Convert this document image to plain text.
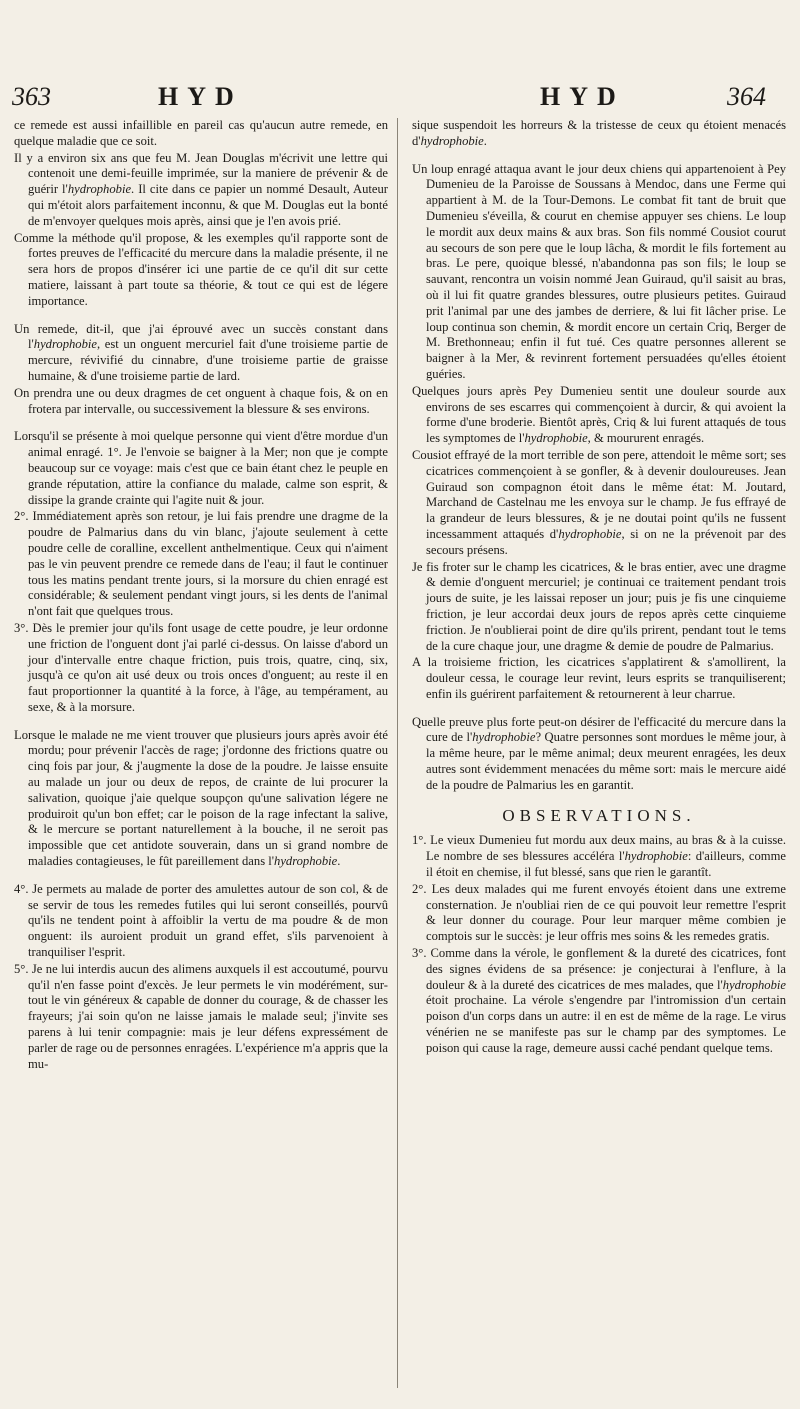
363	HYD	HYD	364

ce remede est aussi infaillible en pareil cas qu'aucun autre remede, en quelque maladie que ce soit.

Il y a environ six ans que feu M. Jean Douglas m'écrivit une lettre qui contenoit une demi-feuille imprimée, sur la maniere de prévenir & de guérir l'hydrophobie. Il cite dans ce papier un nommé Desault, Auteur qui m'étoit alors parfaitement inconnu, & que M. Douglas eut la bonté de m'envoyer quelques mois après, ainsi que je l'en avois prié.

Comme la méthode qu'il propose, & les exemples qu'il rapporte sont de fortes preuves de l'efficacité du mercure dans la maladie présente, il ne sera hors de propos d'insérer ici une partie de ce qu'il dit sur cette matiere, laissant à part toute sa théorie, & tout ce qui est de légere importance.

Un remede, dit-il, que j'ai éprouvé avec un succès constant dans l'hydrophobie, est un onguent mercuriel fait d'une troisieme partie de mercure, révivifié du cinnabre, d'une troisieme partie de graisse humaine, & d'une troisieme partie de lard.

On prendra une ou deux dragmes de cet onguent à chaque fois, & on en frotera par intervalle, ou successivement la blessure & ses environs.

Lorsqu'il se présente à moi quelque personne qui vient d'être mordue d'un animal enragé. 1°. Je l'envoie se baigner à la Mer; non que je compte beaucoup sur ce voyage: mais c'est que ce bain étant chez le peuple en grande réputation, attire la confiance du malade, calme son esprit, & dissipe la grande crainte qui l'agite nuit & jour.

2°. Immédiatement après son retour, je lui fais prendre une dragme de la poudre de Palmarius dans du vin blanc, j'ajoute seulement à cette poudre celle de coralline, excellent anthelmentique. Ceux qui n'aiment pas le vin peuvent prendre ce remede dans de l'eau; il faut le continuer tous les matins pendant trente jours, si la morsure du chien enragé est considérable; & seulement pendant vingt jours, si les dents de l'animal n'ont fait que quelques trous.

3°. Dès le premier jour qu'ils font usage de cette poudre, je leur ordonne une friction de l'onguent dont j'ai parlé ci-dessus. On laisse d'abord un jour d'intervalle entre chaque friction, puis trois, quatre, cinq, six, jusqu'à ce qu'on ait usé deux ou trois onces d'onguent; au reste il en faut proportionner la quantité à la force, à l'âge, au tempérament, au sexe, & à la morsure.

Lorsque le malade ne me vient trouver que plusieurs jours après avoir été mordu; pour prévenir l'accès de rage; j'ordonne des frictions quatre ou cinq fois par jour, & j'augmente la dose de la poudre. Je laisse ensuite au malade un jour ou deux de repos, de crainte de lui procurer la salivation, quoique j'aie quelque soupçon qu'une salivation légere ne produiroit qu'un bon effet; car le poison de la rage infectant la salive, & le mercure se portant naturellement à la bouche, il ne seroit pas impossible que cet antidote souverain, dans un si grand nombre de maladies contagieuses, le fût pareillement dans l'hydrophobie.

4°. Je permets au malade de porter des amulettes autour de son col, & de se servir de tous les remedes futiles qui lui seront conseillés, pourvû qu'ils ne tendent point à affoiblir la vertu de ma poudre & de mon onguent: ils auroient produit un grand effet, s'ils parvenoient à tranquiliser l'esprit.

5°. Je ne lui interdis aucun des alimens auxquels il est accoutumé, pourvu qu'il n'en fasse point d'excès. Je leur permets le vin modérément, sur-tout le vin généreux & capable de donner du courage, & de chasser les frayeurs; j'ai soin qu'on ne laisse jamais le malade seul; j'invite ses parens à lui tenir compagnie: mais je leur défens expressément de parler de rage ou de personnes enragées. L'expérience m'a appris que la mu-

sique suspendoit les horreurs & la tristesse de ceux qu étoient menacés d'hydrophobie.

Un loup enragé attaqua avant le jour deux chiens qui appartenoient à Pey Dumenieu de la Paroisse de Soussans à Mendoc, dans une Ferme qui appartient à M. de la Tour-Demons. Le combat fit tant de bruit que Dumenieu s'éveilla, & courut en chemise appuyer ses chiens. Le loup le mordit aux deux mains & aux bras. Son fils nommé Cousiot courut au secours de son pere que le loup lâcha, & mordit le fils fortement au bras. Le pere, quoique blessé, n'abandonna pas son fils; le loup se sauvant, rencontra un voisin nommé Jean Guiraud, qu'il saisit au bras, où il lui fit quatre grandes blessures, outre plusieurs petites. Guiraud prit l'animal par une des jambes de derriere, & lui fit lâcher prise. Le loup continua son chemin, & mordit encore un certain Criq, Berger de M. Brethonneau; enfin il fut tué. Ces quatre personnes allerent se baigner à la Mer, & revinrent fortement persuadées qu'elles étoient guéries.

Quelques jours après Pey Dumenieu sentit une douleur sourde aux environs de ses escarres qui commençoient à durcir, & qui avoient la forme d'une broderie. Bientôt après, Criq & lui furent attaqués de tous les symptomes de l'hydrophobie, & moururent enragés.

Cousiot effrayé de la mort terrible de son pere, attendoit le même sort; ses cicatrices commençoient à se gonfler, & à devenir douloureuses. Jean Guiraud son compagnon étoit dans le même état: M. Joutard, Marchand de Castelnau me les envoya sur le champ. Je fus effrayé de la grandeur de leurs blessures, & je ne doutai point qu'ils ne fussent incessamment attaqués d'hydrophobie, si on ne la prévenoit par des secours présens.

Je fis froter sur le champ les cicatrices, & le bras entier, avec une dragme & demie d'onguent mercuriel; je continuai ce traitement pendant trois jours de suite, je les laissai reposer un jour; puis je fis une cinquieme friction, je leur accordai deux jours de repos après cette cinquieme friction. Je n'oublierai point de dire qu'ils prirent, pendant tout le tems de la cure chaque jour, une dragme & demie de poudre de Palmarius.

A la troisieme friction, les cicatrices s'applatirent & s'amollirent, la douleur cessa, le courage leur revint, leurs esprits se tranquiliserent; enfin ils guérirent parfaitement & retournerent à leur charrue.

Quelle preuve plus forte peut-on désirer de l'efficacité du mercure dans la cure de l'hydrophobie? Quatre personnes sont mordues le même jour, à la même heure, par le même animal; deux meurent enragées, les deux autres sont évidemment menacées du même sort: mais le mercure aidé de la poudre de Palmarius les en garantit.

OBSERVATIONS.

1°. Le vieux Dumenieu fut mordu aux deux mains, au bras & à la cuisse. Le nombre de ses blessures accéléra l'hydrophobie: d'ailleurs, comme il étoit en chemise, il fut blessé, sans que rien le garantît.

2°. Les deux malades qui me furent envoyés étoient dans une extreme consternation. Je n'oubliai rien de ce qui pouvoit leur remettre l'esprit & leur donner du courage. Pour leur marquer même combien je comptois sur le succès: je leur offris mes soins & les remedes gratis.

3°. Comme dans la vérole, le gonflement & la dureté des cicatrices, font des signes évidens de sa présence: je conjecturai à l'enflure, à la douleur & à la dureté des cicatrices de mes malades, que l'hydrophobie étoit prochaine. La vérole s'engendre par l'intromission d'un certain poison d'un corps dans un autre: il en est de même de la rage. Le virus vénérien ne se manifeste pas sur le champ par des symptomes. Le poison qui cause la rage, demeure aussi caché pendant quelque tems.
